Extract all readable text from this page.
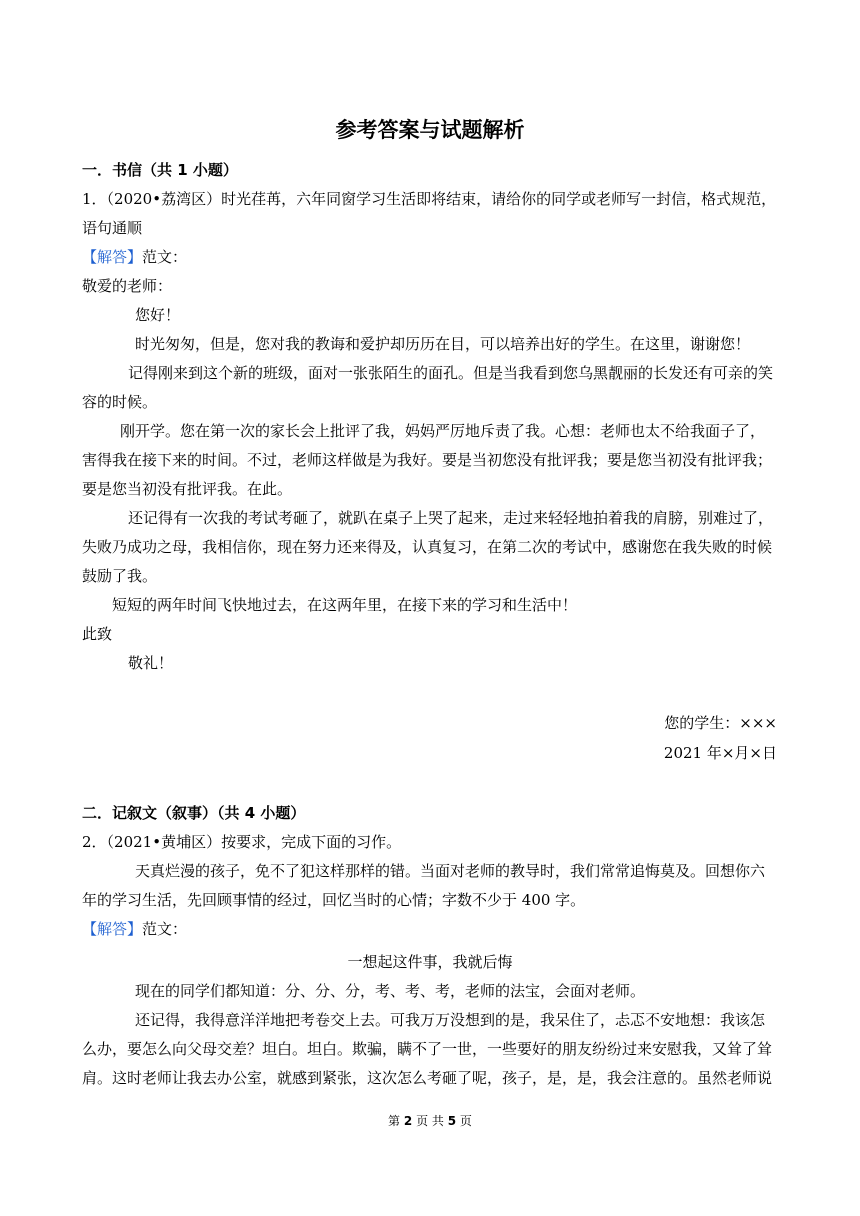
参考答案与试题解析
一．书信（共 1 小题）
1．（2020•荔湾区）时光荏苒，六年同窗学习生活即将结束，请给你的同学或老师写一封信，格式规范，
语句通顺
【解答】范文：
敬爱的老师：
您好！
时光匆匆，但是，您对我的教诲和爱护却历历在目，可以培养出好的学生。在这里，谢谢您！
记得刚来到这个新的班级，面对一张张陌生的面孔。但是当我看到您乌黑靓丽的长发还有可亲的笑
容的时候。
刚开学。您在第一次的家长会上批评了我，妈妈严厉地斥责了我。心想：老师也太不给我面子了，
害得我在接下来的时间。不过，老师这样做是为我好。要是当初您没有批评我；要是您当初没有批评我；
要是您当初没有批评我。在此。
还记得有一次我的考试考砸了，就趴在桌子上哭了起来，走过来轻轻地拍着我的肩膀，别难过了，
失败乃成功之母，我相信你，现在努力还来得及，认真复习，在第二次的考试中，感谢您在我失败的时候
鼓励了我。
短短的两年时间飞快地过去，在这两年里，在接下来的学习和生活中！
此致
敬礼！
您的学生：×××
2021 年×月×日
二．记叙文（叙事）（共 4 小题）
2．（2021•黄埔区）按要求，完成下面的习作。
天真烂漫的孩子，免不了犯这样那样的错。当面对老师的教导时，我们常常追悔莫及。回想你六
年的学习生活，先回顾事情的经过，回忆当时的心情；字数不少于 400 字。
【解答】范文：
一想起这件事，我就后悔
现在的同学们都知道：分、分、分，考、考、考，老师的法宝，会面对老师。
还记得，我得意洋洋地把考卷交上去。可我万万没想到的是，我呆住了，忐忑不安地想：我该怎
么办，要怎么向父母交差？坦白。坦白。欺骗，瞒不了一世，一些要好的朋友纷纷过来安慰我，又耸了耸
肩。这时老师让我去办公室，就感到紧张，这次怎么考砸了呢，孩子，是，是，我会注意的。虽然老师说
第 2 页 共 5 页
